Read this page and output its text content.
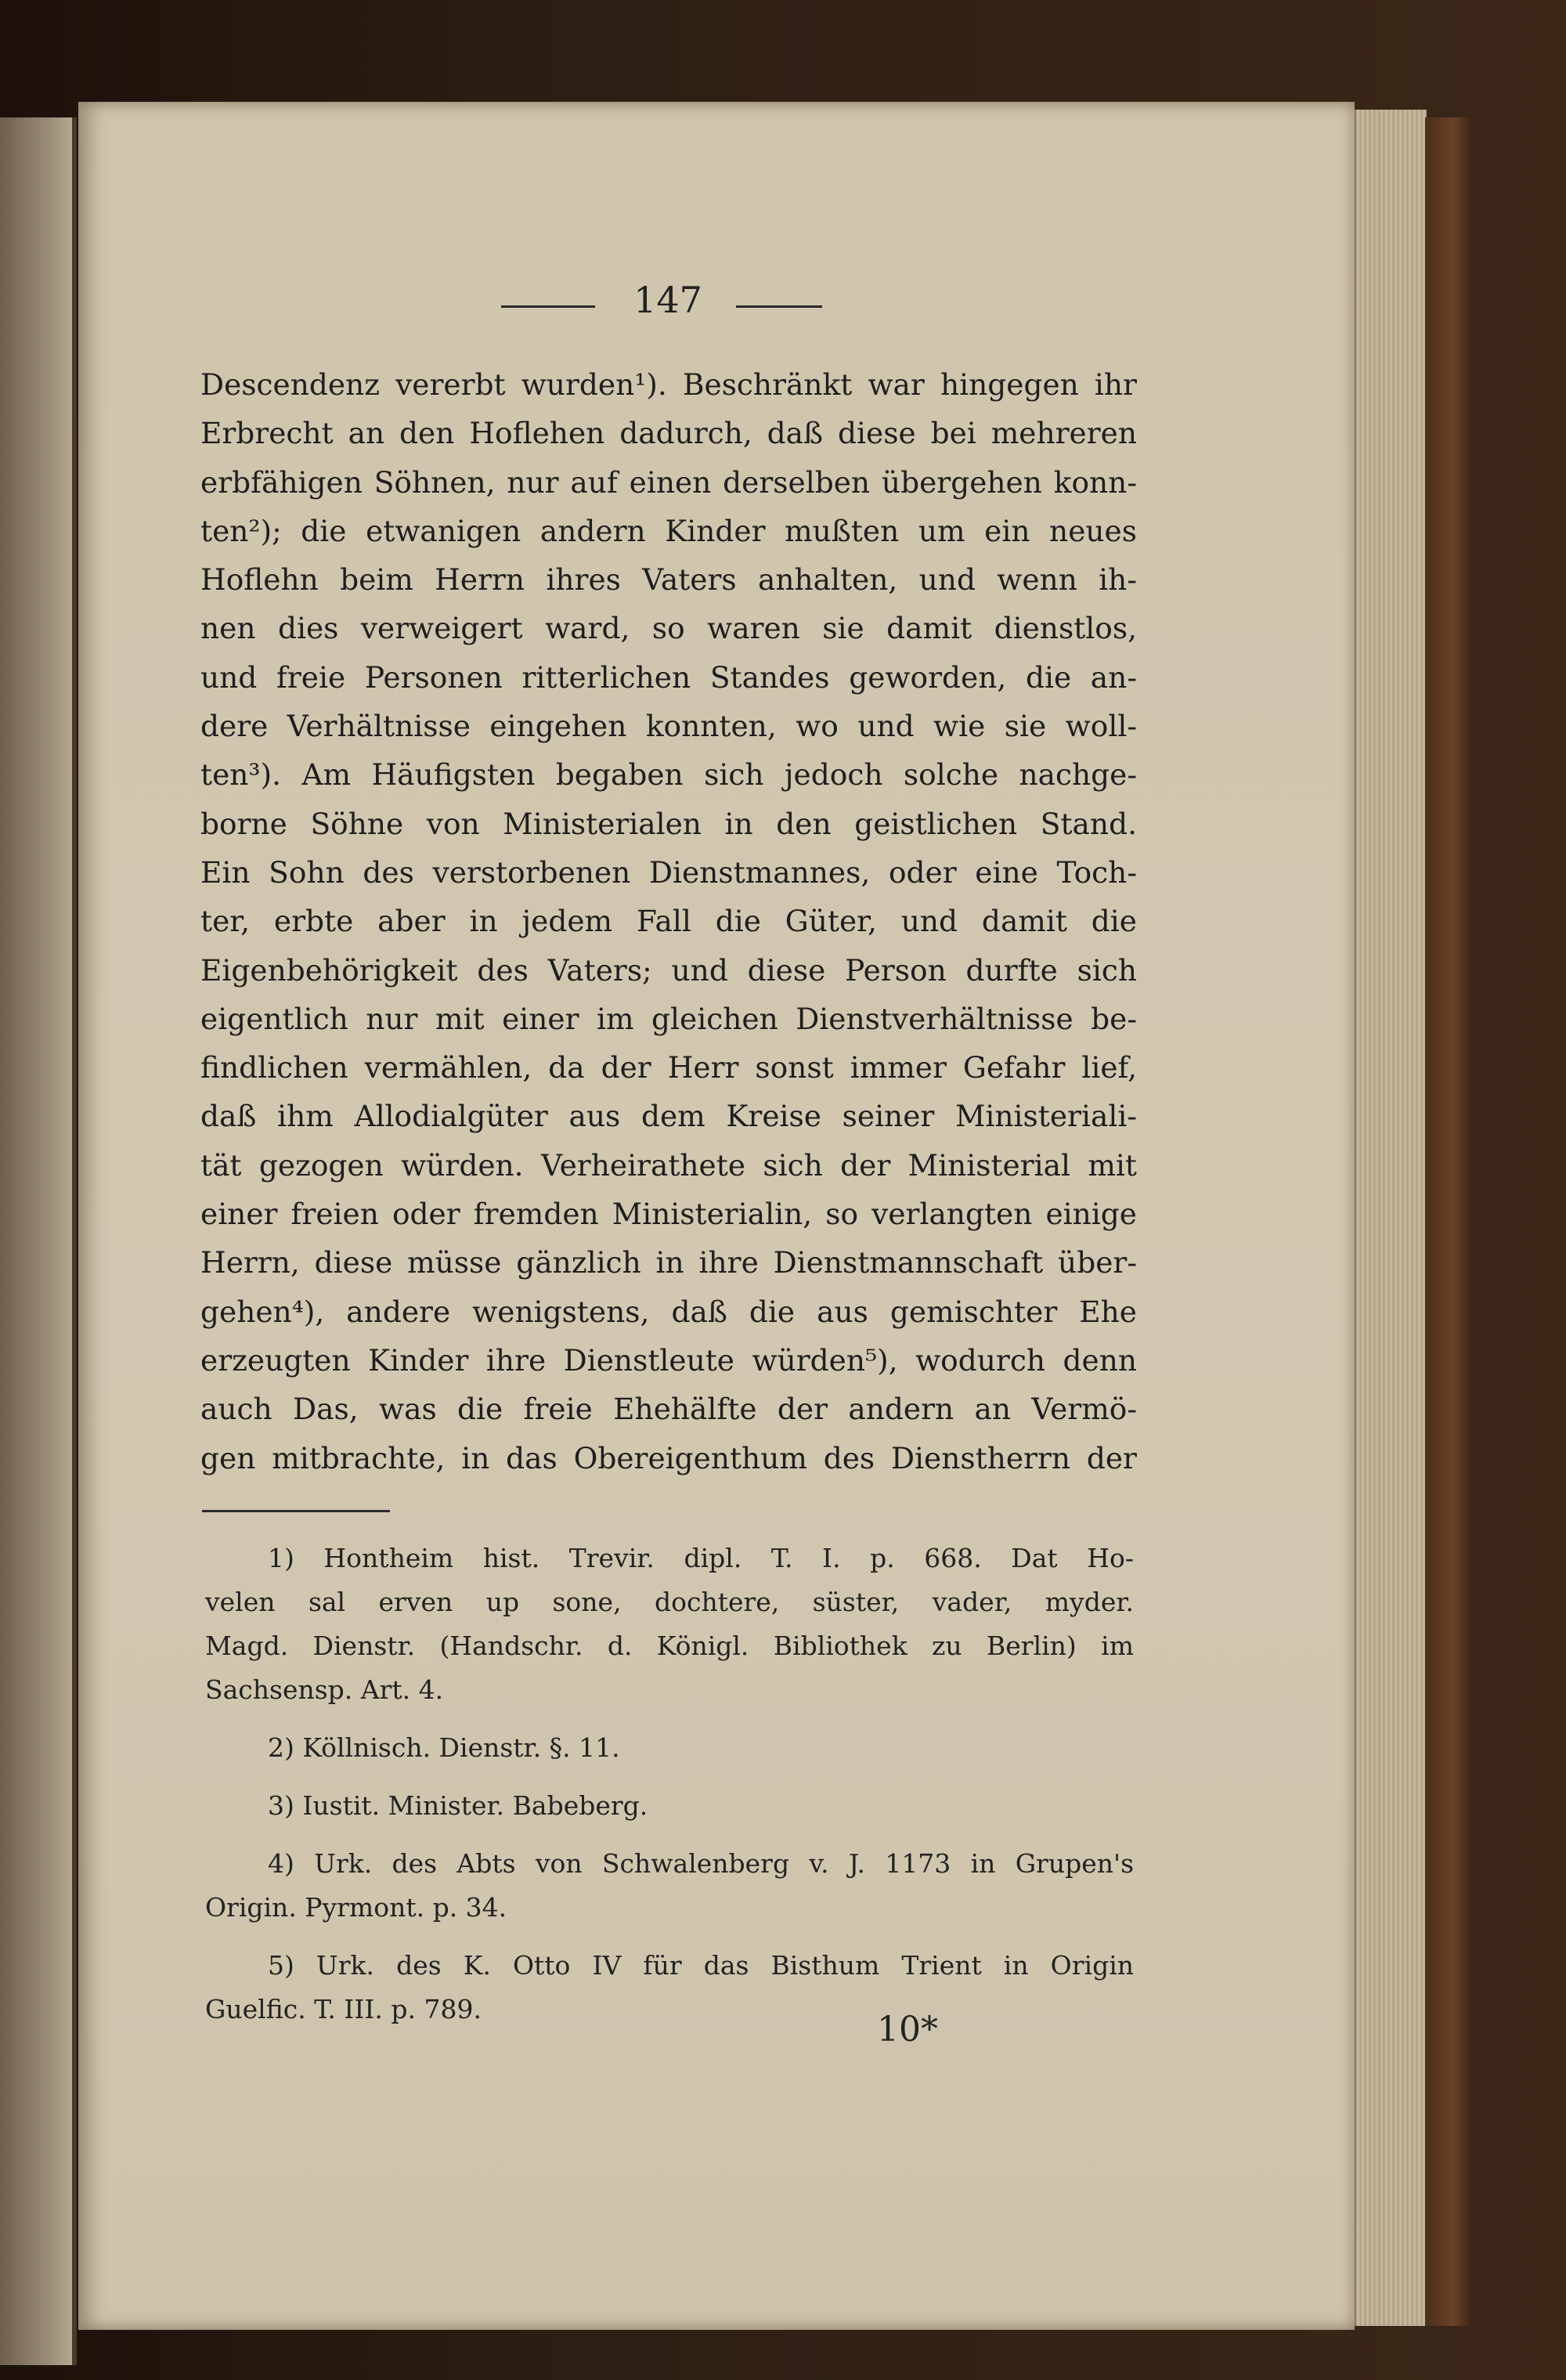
147
Descendenz vererbt wurden¹). Beschränkt war hingegen ihr
Erbrecht an den Hoflehen dadurch, daß diese bei mehreren
erbfähigen Söhnen, nur auf einen derselben übergehen konn-
ten²); die etwanigen andern Kinder mußten um ein neues
Hoflehn beim Herrn ihres Vaters anhalten, und wenn ih-
nen dies verweigert ward, so waren sie damit dienstlos,
und freie Personen ritterlichen Standes geworden, die an-
dere Verhältnisse eingehen konnten, wo und wie sie woll-
ten³). Am Häufigsten begaben sich jedoch solche nachge-
borne Söhne von Ministerialen in den geistlichen Stand.
Ein Sohn des verstorbenen Dienstmannes, oder eine Toch-
ter, erbte aber in jedem Fall die Güter, und damit die
Eigenbehörigkeit des Vaters; und diese Person durfte sich
eigentlich nur mit einer im gleichen Dienstverhältnisse be-
findlichen vermählen, da der Herr sonst immer Gefahr lief,
daß ihm Allodialgüter aus dem Kreise seiner Ministeriali-
tät gezogen würden. Verheirathete sich der Ministerial mit
einer freien oder fremden Ministerialin, so verlangten einige
Herrn, diese müsse gänzlich in ihre Dienstmannschaft über-
gehen⁴), andere wenigstens, daß die aus gemischter Ehe
erzeugten Kinder ihre Dienstleute würden⁵), wodurch denn
auch Das, was die freie Ehehälfte der andern an Vermö-
gen mitbrachte, in das Obereigenthum des Dienstherrn der
1) Hontheim hist. Trevir. dipl. T. I. p. 668. Dat Ho-
velen sal erven up sone, dochtere, süster, vader, myder.
Magd. Dienstr. (Handschr. d. Königl. Bibliothek zu Berlin) im
Sachsensp. Art. 4.
2) Köllnisch. Dienstr. §. 11.
3) Iustit. Minister. Babeberg.
4) Urk. des Abts von Schwalenberg v. J. 1173 in Grupen's
Origin. Pyrmont. p. 34.
5) Urk. des K. Otto IV für das Bisthum Trient in Origin
Guelfic. T. III. p. 789.
10*
